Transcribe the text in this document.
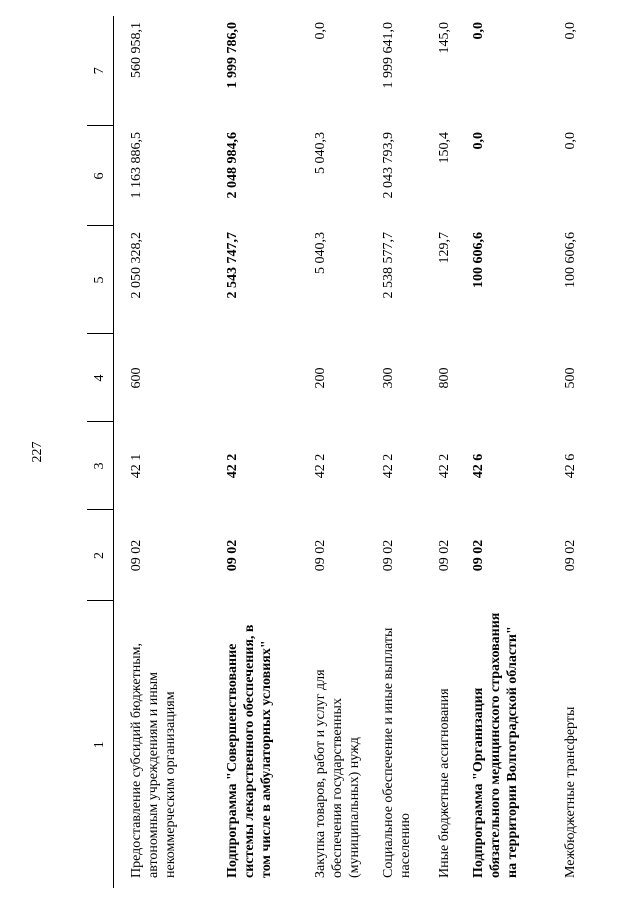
227
1	2	3	4	5	6	7
Предоставление субсидий бюджетным, автономным учреждениям и иным некоммерческим организациям	09 02	42 1	600	2 050 328,2	1 163 886,5	560 958,1
Подпрограмма "Совершенствование системы лекарственного обеспечения, в том числе в амбулаторных условиях"	09 02	42 2		2 543 747,7	2 048 984,6	1 999 786,0
Закупка товаров, работ и услуг для обеспечения государственных (муниципальных) нужд	09 02	42 2	200	5 040,3	5 040,3	0,0
Социальное обеспечение и иные выплаты населению	09 02	42 2	300	2 538 577,7	2 043 793,9	1 999 641,0
Иные бюджетные ассигнования	09 02	42 2	800	129,7	150,4	145,0
Подпрограмма "Организация обязательного медицинского страхования на территории Волгоградской области"	09 02	42 6		100 606,6	0,0	0,0
Межбюджетные трансферты	09 02	42 6	500	100 606,6	0,0	0,0
